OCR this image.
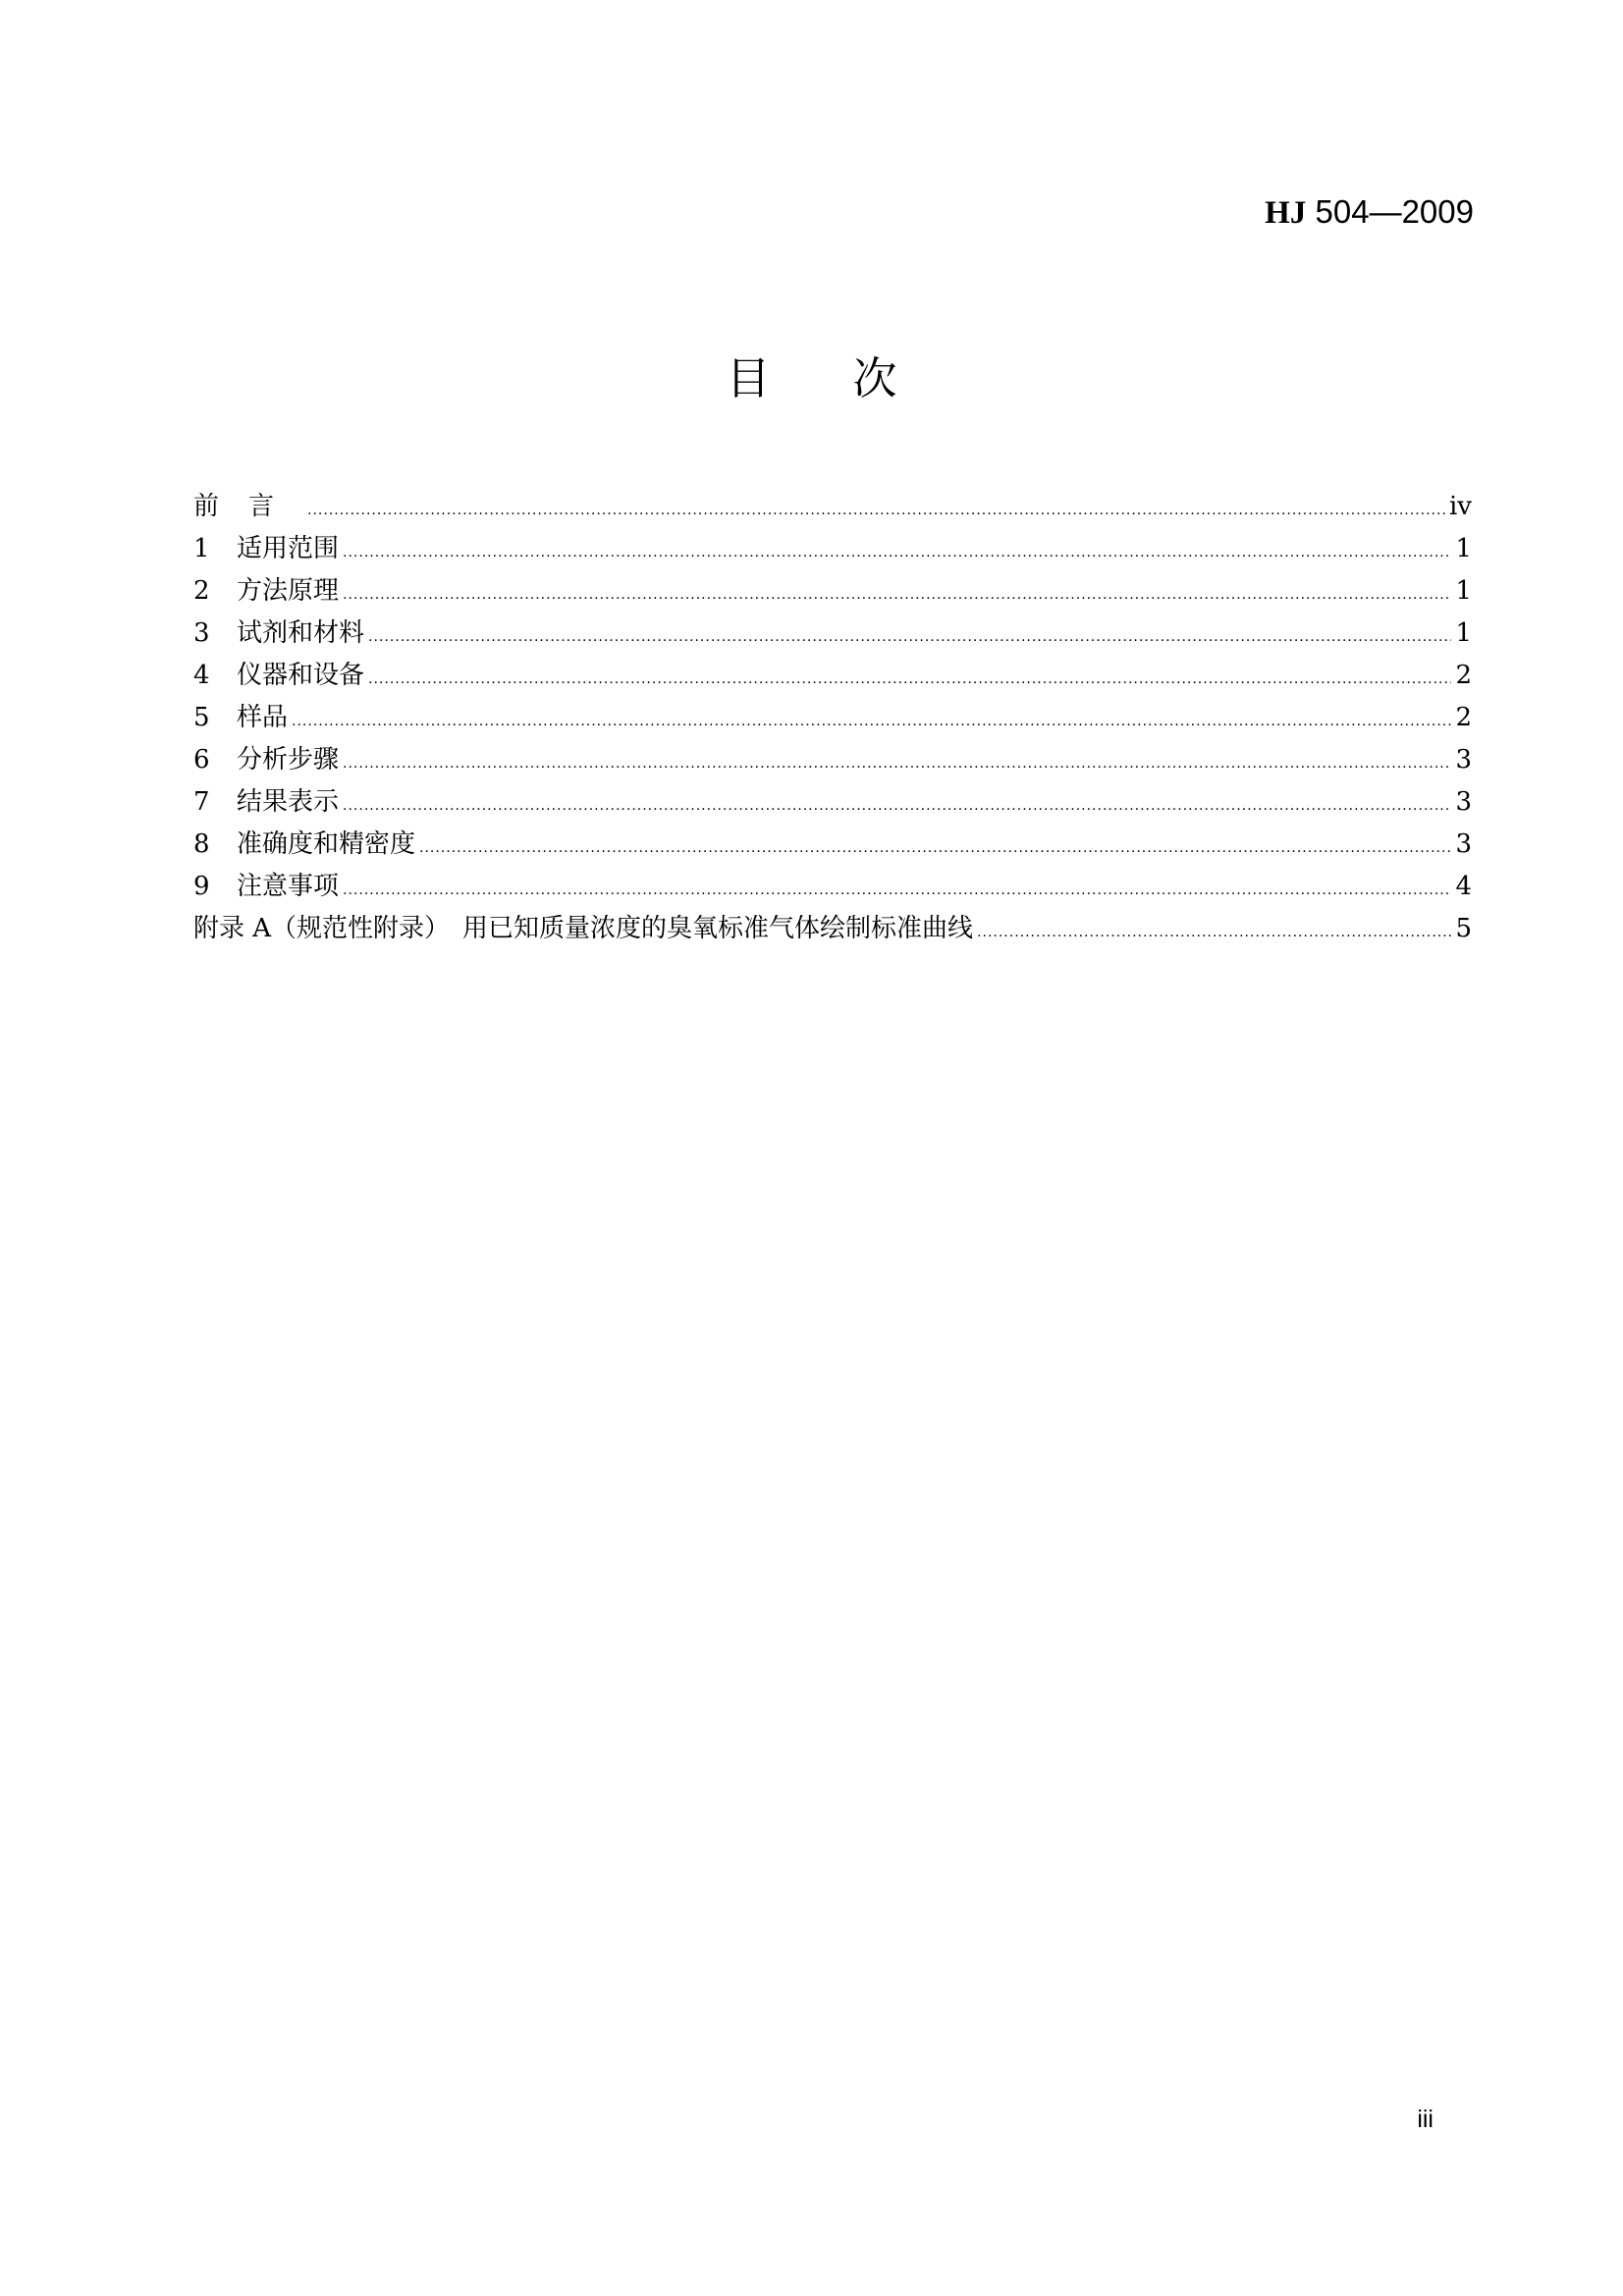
HJ 504—2009
目 次
前言 .....	iv
1	适用范围 .....	1
2	方法原理 .....	1
3	试剂和材料 .....	1
4	仪器和设备 .....	2
5	样品 .....	2
6	分析步骤 .....	3
7	结果表示 .....	3
8	准确度和精密度 .....	3
9	注意事项 .....	4
附录 A（规范性附录）　用已知质量浓度的臭氧标准气体绘制标准曲线 .....	5
iii
